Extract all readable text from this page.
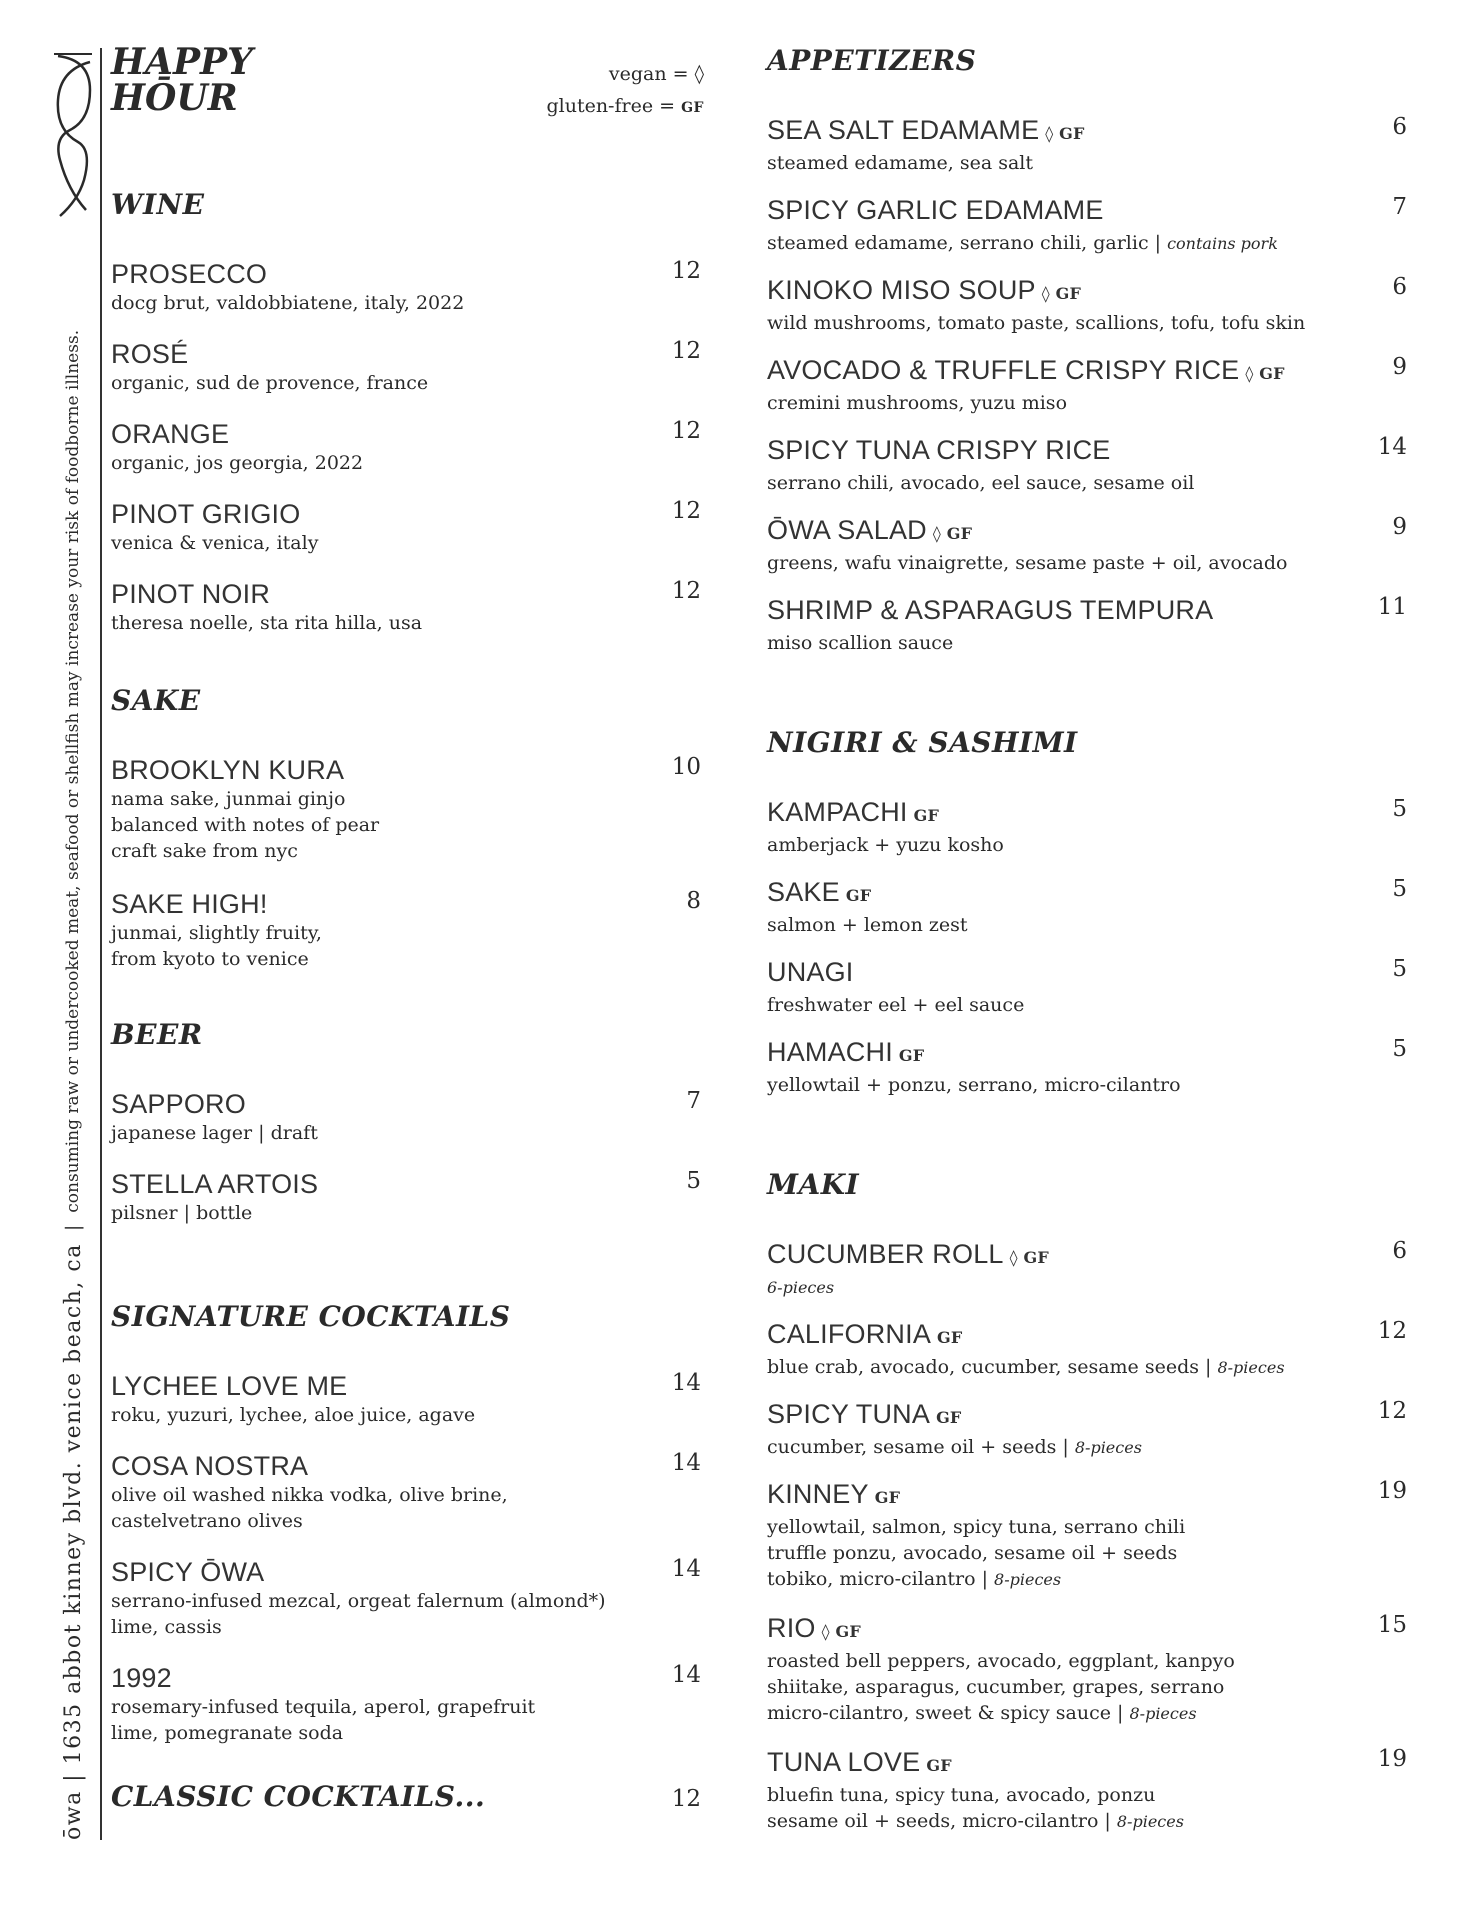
ōwa | 1635 abbot kinney blvd. venice beach, ca
|
consuming raw or undercooked meat, seafood or shellfish may increase your risk of foodborne illness.
HAPPY
HŌUR
vegan = ◊
gluten-free = GF
WINE
PROSECCO
docg brut, valdobbiatene, italy, 2022
12
ROSÉ
organic, sud de provence, france
12
ORANGE
organic, jos georgia, 2022
12
PINOT GRIGIO
venica & venica, italy
12
PINOT NOIR
theresa noelle, sta rita hilla, usa
12
SAKE
BROOKLYN KURA
nama sake, junmai ginjo
balanced with notes of pear
craft sake from nyc
10
SAKE HIGH!
junmai, slightly fruity,
from kyoto to venice
8
BEER
SAPPORO
japanese lager | draft
7
STELLA ARTOIS
pilsner | bottle
5
SIGNATURE COCKTAILS
LYCHEE LOVE ME
roku, yuzuri, lychee, aloe juice, agave
14
COSA NOSTRA
olive oil washed nikka vodka, olive brine,
castelvetrano olives
14
SPICY ŌWA
serrano-infused mezcal, orgeat falernum (almond*)
lime, cassis
14
1992
rosemary-infused tequila, aperol, grapefruit
lime, pomegranate soda
14
CLASSIC COCKTAILS...	12
APPETIZERS
SEA SALT EDAMAME ◊ GF
steamed edamame, sea salt
6
SPICY GARLIC EDAMAME
steamed edamame, serrano chili, garlic | contains pork
7
KINOKO MISO SOUP ◊ GF
wild mushrooms, tomato paste, scallions, tofu, tofu skin
6
AVOCADO & TRUFFLE CRISPY RICE ◊ GF
cremini mushrooms, yuzu miso
9
SPICY TUNA CRISPY RICE
serrano chili, avocado, eel sauce, sesame oil
14
ŌWA SALAD ◊ GF
greens, wafu vinaigrette, sesame paste + oil, avocado
9
SHRIMP & ASPARAGUS TEMPURA
miso scallion sauce
11
NIGIRI & SASHIMI
KAMPACHI GF
amberjack + yuzu kosho
5
SAKE GF
salmon + lemon zest
5
UNAGI
freshwater eel + eel sauce
5
HAMACHI GF
yellowtail + ponzu, serrano, micro-cilantro
5
MAKI
CUCUMBER ROLL ◊ GF
6-pieces
6
CALIFORNIA GF
blue crab, avocado, cucumber, sesame seeds | 8-pieces
12
SPICY TUNA GF
cucumber, sesame oil + seeds | 8-pieces
12
KINNEY GF
yellowtail, salmon, spicy tuna, serrano chili
truffle ponzu, avocado, sesame oil + seeds
tobiko, micro-cilantro | 8-pieces
19
RIO ◊ GF
roasted bell peppers, avocado, eggplant, kanpyo
shiitake, asparagus, cucumber, grapes, serrano
micro-cilantro, sweet & spicy sauce | 8-pieces
15
TUNA LOVE GF
bluefin tuna, spicy tuna, avocado, ponzu
sesame oil + seeds, micro-cilantro | 8-pieces
19
